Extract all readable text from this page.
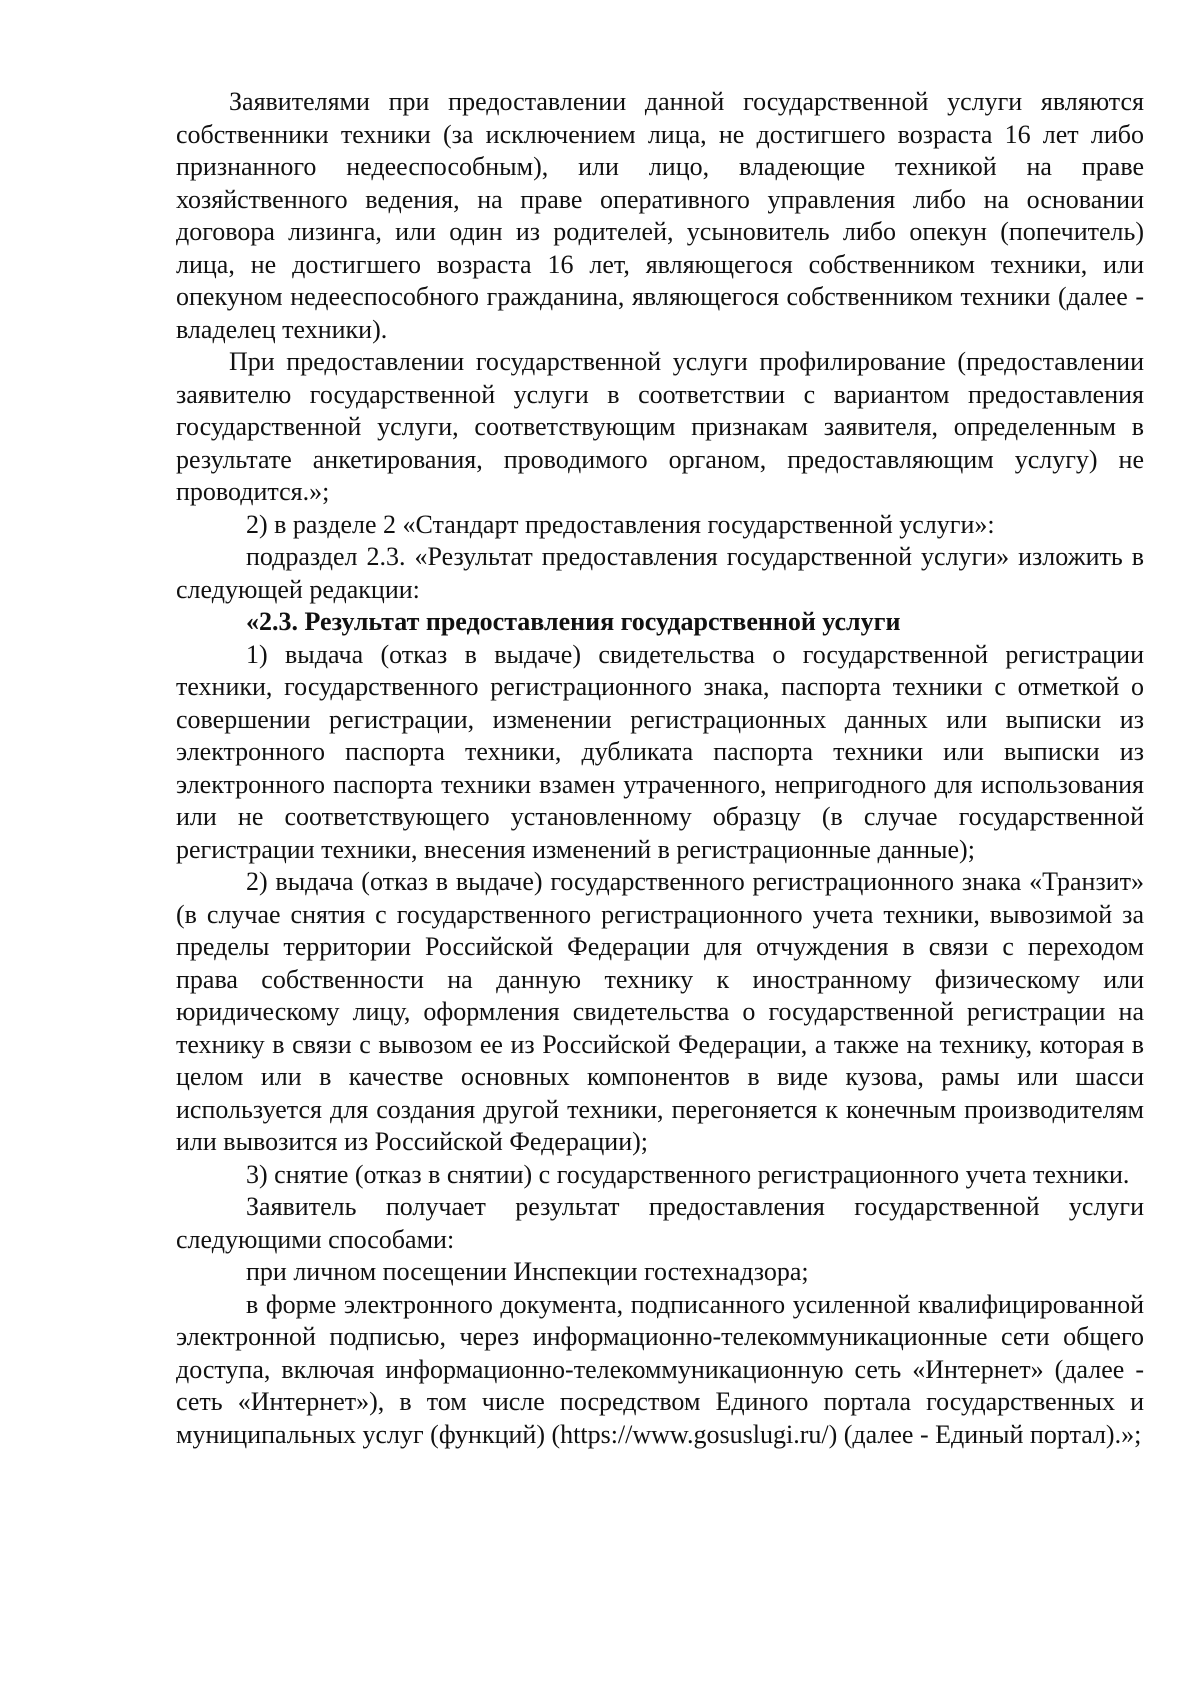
Заявителями при предоставлении данной государственной услуги являются собственники техники (за исключением лица, не достигшего возраста 16 лет либо признанного недееспособным), или лицо, владеющие техникой на праве хозяйственного ведения, на праве оперативного управления либо на основании договора лизинга, или один из родителей, усыновитель либо опекун (попечитель) лица, не достигшего возраста 16 лет, являющегося собственником техники, или опекуном недееспособного гражданина, являющегося собственником техники (далее - владелец техники).

При предоставлении государственной услуги профилирование (предоставлении заявителю государственной услуги в соответствии с вариантом предоставления государственной услуги, соответствующим признакам заявителя, определенным в результате анкетирования, проводимого органом, предоставляющим услугу) не проводится.»;

2) в разделе 2 «Стандарт предоставления государственной услуги»:

подраздел 2.3. «Результат предоставления государственной услуги» изложить в следующей редакции:

«2.3. Результат предоставления государственной услуги

1) выдача (отказ в выдаче) свидетельства о государственной регистрации техники, государственного регистрационного знака, паспорта техники с отметкой о совершении регистрации, изменении регистрационных данных или выписки из электронного паспорта техники, дубликата паспорта техники или выписки из электронного паспорта техники взамен утраченного, непригодного для использования или не соответствующего установленному образцу (в случае государственной регистрации техники, внесения изменений в регистрационные данные);

2) выдача (отказ в выдаче) государственного регистрационного знака «Транзит» (в случае снятия с государственного регистрационного учета техники, вывозимой за пределы территории Российской Федерации для отчуждения в связи с переходом права собственности на данную технику к иностранному физическому или юридическому лицу, оформления свидетельства о государственной регистрации на технику в связи с вывозом ее из Российской Федерации, а также на технику, которая в целом или в качестве основных компонентов в виде кузова, рамы или шасси используется для создания другой техники, перегоняется к конечным производителям или вывозится из Российской Федерации);

3) снятие (отказ в снятии) с государственного регистрационного учета техники.

Заявитель получает результат предоставления государственной услуги следующими способами:

при личном посещении Инспекции гостехнадзора;

в форме электронного документа, подписанного усиленной квалифицированной электронной подписью, через информационно-телекоммуникационные сети общего доступа, включая информационно-телекоммуникационную сеть «Интернет» (далее - сеть «Интернет»), в том числе посредством Единого портала государственных и муниципальных услуг (функций) (https://www.gosuslugi.ru/) (далее - Единый портал).»;
